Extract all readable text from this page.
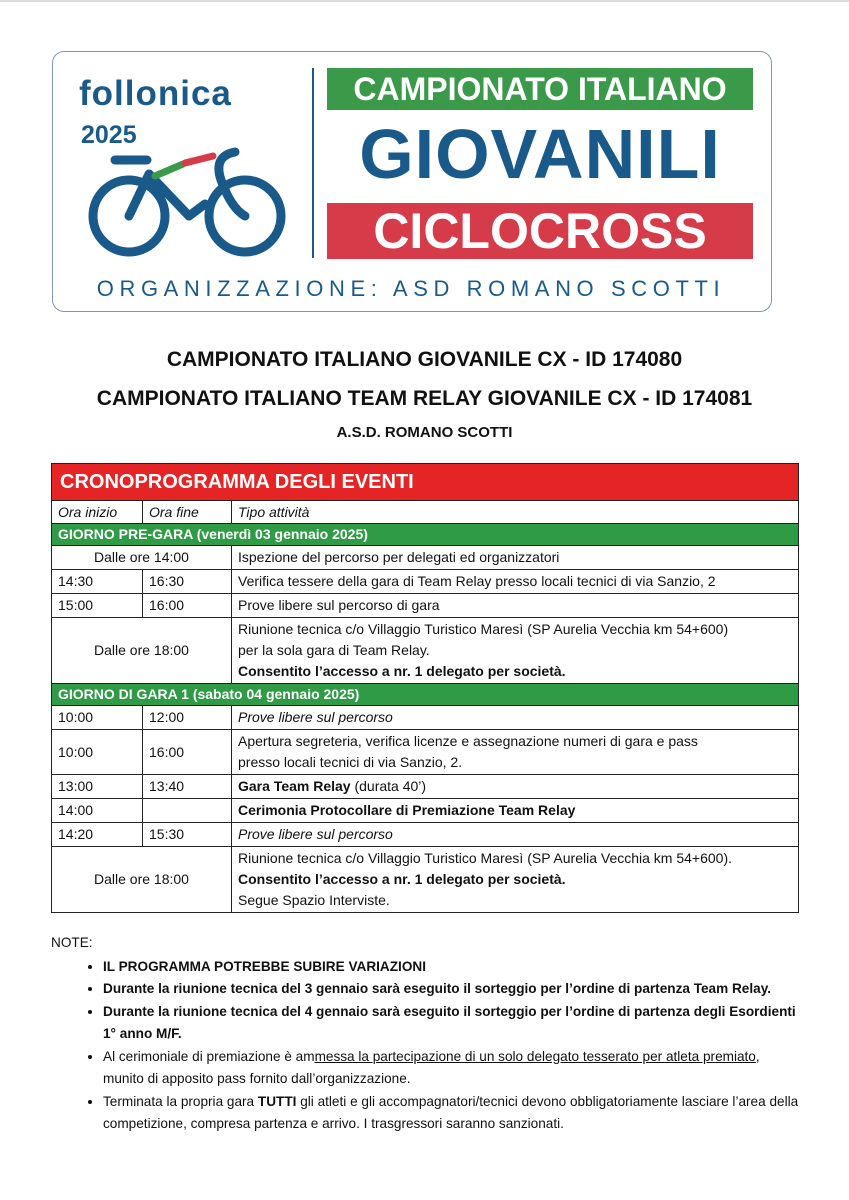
follonica
2025
CAMPIONATO ITALIANO
GIOVANILI
CICLOCROSS
ORGANIZZAZIONE: ASD ROMANO SCOTTI
CAMPIONATO ITALIANO GIOVANILE CX - ID 174080
CAMPIONATO ITALIANO TEAM RELAY GIOVANILE CX - ID 174081
A.S.D. ROMANO SCOTTI
CRONOPROGRAMMA DEGLI EVENTI		
Ora inizio	Ora fine	Tipo attività
GIORNO PRE-GARA (venerdì 03 gennaio 2025)		
Dalle ore 14:00		Ispezione del percorso per delegati ed organizzatori
14:30	16:30	Verifica tessere della gara di Team Relay presso locali tecnici di via Sanzio, 2
15:00	16:00	Prove libere sul percorso di gara
Dalle ore 18:00		Riunione tecnica c/o Villaggio Turistico Maresì (SP Aurelia Vecchia km 54+600)
per la sola gara di Team Relay.
Consentito l’accesso a nr. 1 delegato per società.

GIORNO DI GARA 1 (sabato 04 gennaio 2025)		
10:00	12:00	Prove libere sul percorso
10:00	16:00	Apertura segreteria, verifica licenze e assegnazione numeri di gara e pass
presso locali tecnici di via Sanzio, 2.

13:00	13:40	Gara Team Relay (durata 40’)
14:00		Cerimonia Protocollare di Premiazione Team Relay
14:20	15:30	Prove libere sul percorso
Dalle ore 18:00		Riunione tecnica c/o Villaggio Turistico Maresì (SP Aurelia Vecchia km 54+600).
Consentito l’accesso a nr. 1 delegato per società.
Segue Spazio Interviste.
NOTE:
• IL PROGRAMMA POTREBBE SUBIRE VARIAZIONI
• Durante la riunione tecnica del 3 gennaio sarà eseguito il sorteggio per l’ordine di partenza Team Relay.
• Durante la riunione tecnica del 4 gennaio sarà eseguito il sorteggio per l’ordine di partenza degli Esordienti 1° anno M/F.
• Al cerimoniale di premiazione è ammessa la partecipazione di un solo delegato tesserato per atleta premiato, munito di apposito pass fornito dall’organizzazione.
• Terminata la propria gara TUTTI gli atleti e gli accompagnatori/tecnici devono obbligatoriamente lasciare l’area della competizione, compresa partenza e arrivo. I trasgressori saranno sanzionati.
